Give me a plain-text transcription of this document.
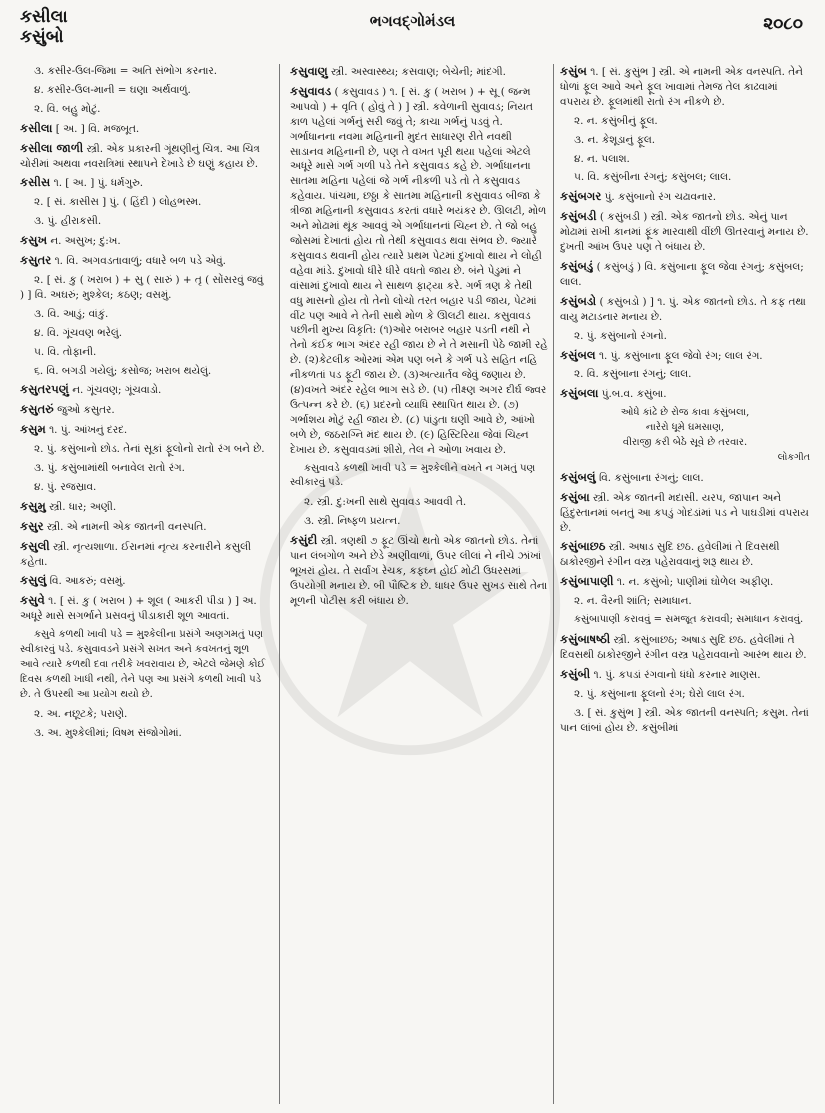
કસીલા
કસુંબો
ભગવદ્ગોમંડલ	૨૦૮૦
૩. કસીર-ઉલ-જિમા = અતિ સંભોગ કરનાર.
૪. કસીર-ઉલ-માની = ઘણા અર્થવાળું.
૨. વિ. બહુ મોટું.
કસીલા [ અ. ] વિ. મજબૂત.
કસીલા જાળી સ્ત્રી. એક પ્રકારની ગૂંથણીનું ચિત્ર. આ ચિત્ર ચોરીમાં અથવા નવરાત્રિમાં સ્થાપને દેખાડે છે ઘણું કહાય છે.
કસીસ ૧. [ અ. ] પું. ધર્મગુરુ.
૨. [ સં. કાસીસ ] પું. ( હિંદી ) લોહભસ્મ.
૩. પું. હીરાકસી.
કસુખ ન. અસુખ; દુ:ખ.
કસુતર ૧. વિ. અગવડતાવાળું; વધારે બળ પડે એવું.
૨. [ સં. કુ ( ખરાબ ) + સુ ( સારું ) + તૃ ( સોંસરવું જવું ) ] વિ. અઘરું; મુશ્કેલ; કઠણ; વસમું.
૩. વિ. આડું; વાંકું.
૪. વિ. ગૂંચવણ ભરેલું.
૫. વિ. તોફાની.
૬. વિ. બગડી ગયેલું; કસોજ; ખરાબ થયેલું.
કસુતરપણું ન. ગૂંચવણ; ગૂંચવાડો.
કસુતરું જુઓ કસુતર.
કસુમ ૧. પું. આંખનું દરદ.
૨. પું. કસુંબાનો છોડ. તેનાં સૂકાં ફૂલોનો રાતો રંગ બને છે.
૩. પું. કસુંબામાંથી બનાવેલ રાતો રંગ.
૪. પું. રજસ્રાવ.
કસુમુ સ્ત્રી. ધાર; અણી.
કસુર સ્ત્રી. એ નામની એક જાતની વનસ્પતિ.
કસુલી સ્ત્રી. નૃત્યશાળા. ઈરાનમાં નૃત્ય કરનારીને કસુલી કહેતા.
કસુલું વિ. આકરું; વસમું.
કસુવે ૧. [ સં. કુ ( ખરાબ ) + શૂલ ( આકરી પીડા ) ] અ. અધૂરે માસે સગર્ભાને પ્રસવનું પીડાકારી શૂળ આવતાં.
કસુવે કળથી ખાવી પડે = મુશ્કેલીના પ્રસંગે અણગમતું પણ સ્વીકારવું પડે. કસુવાવડને પ્રસંગે સખત અને કવખતનું શૂળ આવે ત્યારે કળથી દવા તરીકે ખવરાવાય છે, એટલે જેમણે કોઈ દિવસ કળથી ખાધી નથી, તેને પણ આ પ્રસંગે કળથી ખાવી પડે છે. તે ઉપરથી આ પ્રયોગ થયો છે.
૨. અ. નછૂટકે; પરાણે.
૩. અ. મુશ્કેલીમાં; વિષમ સંજોગોમાં.
કસુવાણુ સ્ત્રી. અસ્વાસ્થ્ય; કસવાણ; બેચેની; માંદગી.
કસુવાવડ ( કસુવાવડ ) ૧. [ સં. કુ ( ખરાબ ) + સૂ ( જન્મ આપવો ) + વૃતિ ( હોવું તે ) ] સ્ત્રી. કવેળાની સુવાવડ; નિયત કાળ પહેલાં ગર્ભનું સરી જવું તે; કાચા ગર્ભનું પડવું તે. ગર્ભાધાનના નવમા મહિનાની મુદત સાધારણ રીતે નવથી સાડાનવ મહિનાની છે, પણ તે વખત પૂરી થયા પહેલાં એટલે અધૂરે માસે ગર્ભ ગળી પડે તેને કસુવાવડ કહે છે. ગર્ભાધાનના સાતમા મહિના પહેલાં જે ગર્ભ નીકળી પડે તો તે કસુવાવડ કહેવાય. પાંચમા, છઠ્ઠા કે સાતમા મહિનાની કસુવાવડ બીજા કે ત્રીજા મહિનાની કસુવાવડ કરતાં વધારે ભયંકર છે. ઊલટી, મોળ અને મોઢામાં થૂંક આવવું એ ગર્ભાધાનનાં ચિહ્ન છે. તે જો બહુ જોસમાં દેખાતાં હોય તો તેથી કસુવાવડ થવા સંભવ છે. જ્યારે કસુવાવડ થવાની હોય ત્યારે પ્રથમ પેટમાં દુખાવો થાય ને લોહી વહેવા માંડે. દુખાવો ધીરે ધીરે વધતો જાય છે. બંને પેડુમાં ને વાંસામાં દુખાવો થાય ને સાથળ ફાટ્યા કરે. ગર્ભ ત્રણ કે તેથી વધુ માસનો હોય તો તેનો લોચો તરત બહાર પડી જાય, પેટમાં વીંટ પણ આવે ને તેની સાથે મોળ કે ઊલટી થાય. કસુવાવડ પછીની મુખ્ય વિકૃતિ: (૧)ઓર બરાબર બહાર પડતી નથી ને તેનો કંઈક ભાગ અંદર રહી જાય છે ને તે મસાની પેઠે જામી રહે છે. (૨)કેટલીક ઓરમાં એમ પણ બને કે ગર્ભ પડે સહિત નહિ નીકળતાં પડ ફૂટી જાય છે. (૩)અત્યાર્તવ જેવું જણાય છે. (૪)વખતે અંદર રહેલ ભાગ સડે છે. (૫) તીક્ષ્ણ અગર દીર્ઘ જ્વર ઉત્પન્ન કરે છે. (૬) પ્રદરનો વ્યાધિ સ્થાપિત થાય છે. (૭) ગર્ભાશય મોટું રહી જાય છે. (૮) પાંડુતા ઘણી આવે છે, આંખો બળે છે, જઠરાગ્નિ મંદ થાય છે. (૯) હિસ્ટિરિયા જેવાં ચિહ્ન દેખાય છે. કસુવાવડમાં શીરો, તેલ ને ઓળા ખવાય છે.
કસુવાવડે કળથી ખાવી પડે = મુશ્કેલીને વખતે ન ગમતું પણ સ્વીકારવું પડે.
૨. સ્ત્રી. દુ:ખની સાથે સુવાવડ આવવી તે.
૩. સ્ત્રી. નિષ્ફળ પ્રયત્ન.
કસુંદી સ્ત્રી. ત્રણથી ૭ ફૂટ ઊંચો થતો એક જાતનો છોડ. તેનાં પાન લંબગોળ અને છેડે અણીવાળાં, ઉપર લીલાં ને નીચે ઝાંખાં ભૂખરાં હોય. તે સર્વાંગ રેચક, કફઘ્ન હોઈ મોટી ઉધરસમાં ઉપયોગી મનાય છે. બી પૌષ્ટિક છે. ધાધર ઉપર સુખડ સાથે તેના મૂળની પોટીસ કરી બંધાય છે.
કસુંબ ૧. [ સં. કુસુંભ ] સ્ત્રી. એ નામની એક વનસ્પતિ. તેને ધોળાં ફૂલ આવે અને ફૂલ ખાવામાં તેમજ તેલ કાઢવામાં વપરાય છે. ફૂલમાંથી રાતો રંગ નીકળે છે.
૨. ન. કસુંબીનું ફૂલ.
૩. ન. કેશૂડાનું ફૂલ.
૪. ન. પલાશ.
૫. વિ. કસુંબીના રંગનું; કસુંબલ; લાલ.
કસુંબગર પું. કસુંબાનો રંગ ચઢાવનાર.
કસુંબડી ( કસુંબડી ) સ્ત્રી. એક જાતનો છોડ. એનું પાન મોઢામાં રાખી કાનમાં ફૂંક મારવાથી વીંછી ઊતરવાનું મનાય છે. દુખતી આંખ ઉપર પણ તે બંધાય છે.
કસુંબડું ( કસુંબડું ) વિ. કસુંબાના ફૂલ જેવા રંગનું; કસુંબલ; લાલ.
કસુંબડો ( કસુંબડો ) ] ૧. પું. એક જાતનો છોડ. તે કફ તથા વાયુ મટાડનાર મનાય છે.
૨. પું. કસુંબાનો રંગનો.
કસુંબલ ૧. પું. કસુંબાના ફૂલ જેવો રંગ; લાલ રંગ.
૨. વિ. કસુંબાના રંગનું; લાલ.
કસુંબલા પું.બ.વ. કસુંબા.
ઓધે કાંઢે છે રોજ કાવા કસુંબલા,
નારેરો ધૂમે ઘમસાણ,
વીરાજી કરી બેઠે સૂવે છે તરવાર.
લોકગીત
કસુંબલું વિ. કસુંબાના રંગનું; લાલ.
કસુંબા સ્ત્રી. એક જાતની મદાસી. યરપ, જાપાન અને હિંદુસ્તાનમાં બનતું આ કપડું ગોદડાંમાં પડ ને પાઘડીમાં વપરાય છે.
કસુંબાછઠ સ્ત્રી. અષાડ સુદિ છઠ. હવેલીમાં તે દિવસથી ઠાકોરજીને રંગીન વસ્ત્ર પહેરાવવાનું શરૂ થાય છે.
કસુંબાપાણી ૧. ન. કસુંબો; પાણીમાં ઘોળેલ અફીણ.
૨. ન. વૈરની શાંતિ; સમાધાન.
કસુંબાપાણી કરાવવું = સમજૂત કરાવવી; સમાધાન કરાવવું.
કસુંબાષષ્ઠી સ્ત્રી. કસુંબાછઠ; અષાડ સુદિ છઠ. હવેલીમાં તે દિવસથી ઠાકોરજીને રંગીન વસ્ત્ર પહેરાવવાનો આરંભ થાય છે.
કસુંબી ૧. પું. કપડાં રંગવાનો ધંધો કરનાર માણસ.
૨. પું. કસુંબાના ફૂલનો રંગ; ઘેરો લાલ રંગ.
૩. [ સં. કુસુંભ ] સ્ત્રી. એક જાતની વનસ્પતિ; કસુમ. તેનાં પાન લાંબાં હોય છે. કસુંબીમાં
